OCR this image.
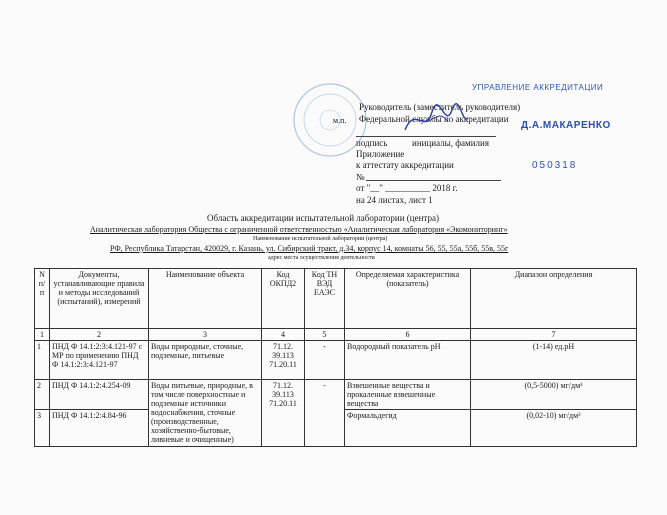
УПРАВЛЕНИЕ АККРЕДИТАЦИИ
Руководитель (заместитель руководителя)
м.п. Федеральной службы по аккредитации
Д.А.МАКАРЕНКО
подпись	инициалы, фамилия
Приложение
к аттестату аккредитации
№
050318
от "__" __________ 2018 г.
на 24 листах, лист 1
Область аккредитации испытательной лаборатории (центра)
Аналитическая лаборатория Общества с ограниченной ответственностью «Аналитическая лаборатория «Экомониторинг»
Наименование испытательной лаборатории (центра)
РФ, Республика Татарстан, 420029, г. Казань, ул. Сибирский тракт, д.34, корпус 14, комнаты 56, 55, 55а, 55б, 55в, 55г
адрес места осуществления деятельности
N п/п	Документы, устанавливающие правила и методы исследований (испытаний), измерений	Наименование объекта	Код ОКПД2	Код ТН ВЭД ЕАЭС	Определяемая характеристика (показатель)	Диапазон определения
1	2	3	4	5	6	7
1	ПНД Ф 14.1:2:3:4.121-97 с МР по применению ПНД Ф 14.1:2:3:4.121-97	Воды природные, сточные, подземные, питьевые	71.12. 39.113 71.20.11	-	Водородный показатель pH	(1-14) ед.pH
2	ПНД Ф 14.1:2:4.254-09	Воды питьевые, природные, в том числе поверхностные и подземные источники водоснабжения, сточные (производственные, хозяйственно-бытовые, ливневые и очищенные)	71.12. 39.113 71.20.11	-	Взвешенные вещества и прокаленные взвешенные вещества	(0,5-5000) мг/дм³
3	ПНД Ф 14.1:2:4.84-96				Формальдегид	(0,02-10) мг/дм³
